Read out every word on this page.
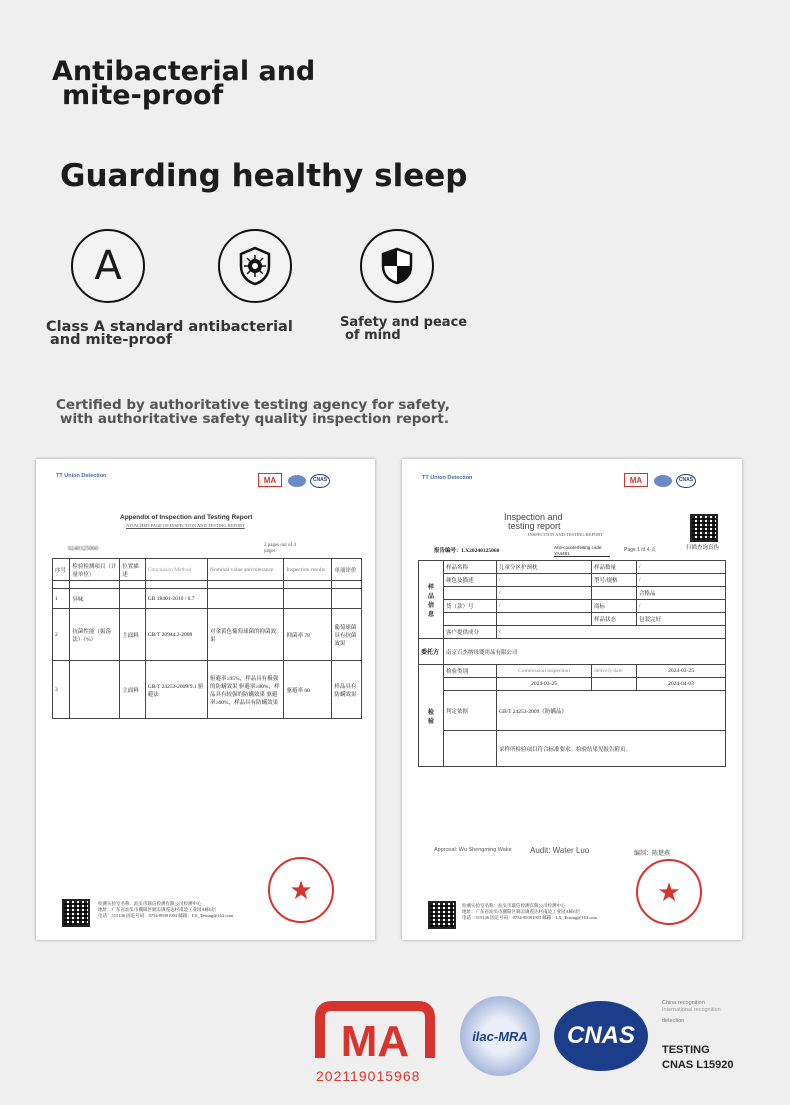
Antibacterial and
mite-proof
Guarding healthy sleep
A
Class A standard antibacterial
and mite-proof
Safety and peace
of mind
Certified by authoritative testing agency for safety,
with authoritative safety quality inspection report.
TT Union Detection	MA	CNAS
Appendix of Inspection and Testing Report
ATTACHED PAGE OF INSPECTION AND TESTING REPORT
0240325060
2 pages out of 4 pages
序号	检验检测项目（计量单位）	位置描述	Conclusion Method	Nominal value and tolerance	Inspection results	单项评价

1	异味		GB 18401-2010 / 6.7			
2	抗菌性能（振荡法）（%）	主面料	GB/T 20944.3-2008	对金黄色葡萄球菌的抑菌效果	抑菌率 78	葡萄球菌具有抗菌效果
3		主面料	GB/T 24253-2009/9.1 驱避法	驱避率≥95%，样品具有极强的防螨效果 驱避率≥80%，样品具有较强的防螨效果 驱避率≥60%，样品具有防螨效果	驱避率 60	样品具有防螨效果
★
检测实验室名称：汕头市联信检测有限公司检测中心
地址：广东省汕头市潮阳区铜盂镇莲达村南边工业园A栋6层
电话：515136 固定号码：0754-89391903 邮箱：LX_Testing@163.com
TT Union Detection	MA	CNAS
Inspection and
testing report
INSPECTION AND TESTING REPORT
扫描查询真伪
报告编号：LX20240325060
Anti-counterfeiting code: YA4481	Page 1 of 4 页
样
品
信
息	样品名称	儿童分区护颈枕	样品数量	/
	颜色及描述	/	型号/规格	/
		/		合格品
	货（款）号	/	商标	/
			样品状态	包装完好
	客户提供成分	/		
委托方	南京百杰纳母婴用品有限公司			
检
验	检验类别	Commission inspection	delivery date	2024-03-25
		2024-03-25		2024-04-03
	判定依据	GB/T 24253-2009《防螨品》		
		采样所检验项目符合标准要求。检验结果见报告附页。		
Approval: Wu Shengming Wake Audit: Water Luo	编制：陈楚燕
★
检测实验室名称：汕头市联信检测有限公司检测中心
地址：广东省汕头市潮阳区铜盂镇莲达村南边工业园A栋6层
电话：515136 固定号码：0754-89391903 邮箱：LX_Testing@163.com
MA
202119015968
ilac-MRA CNAS
China recognition
International recognition
detection
TESTING
CNAS L15920
